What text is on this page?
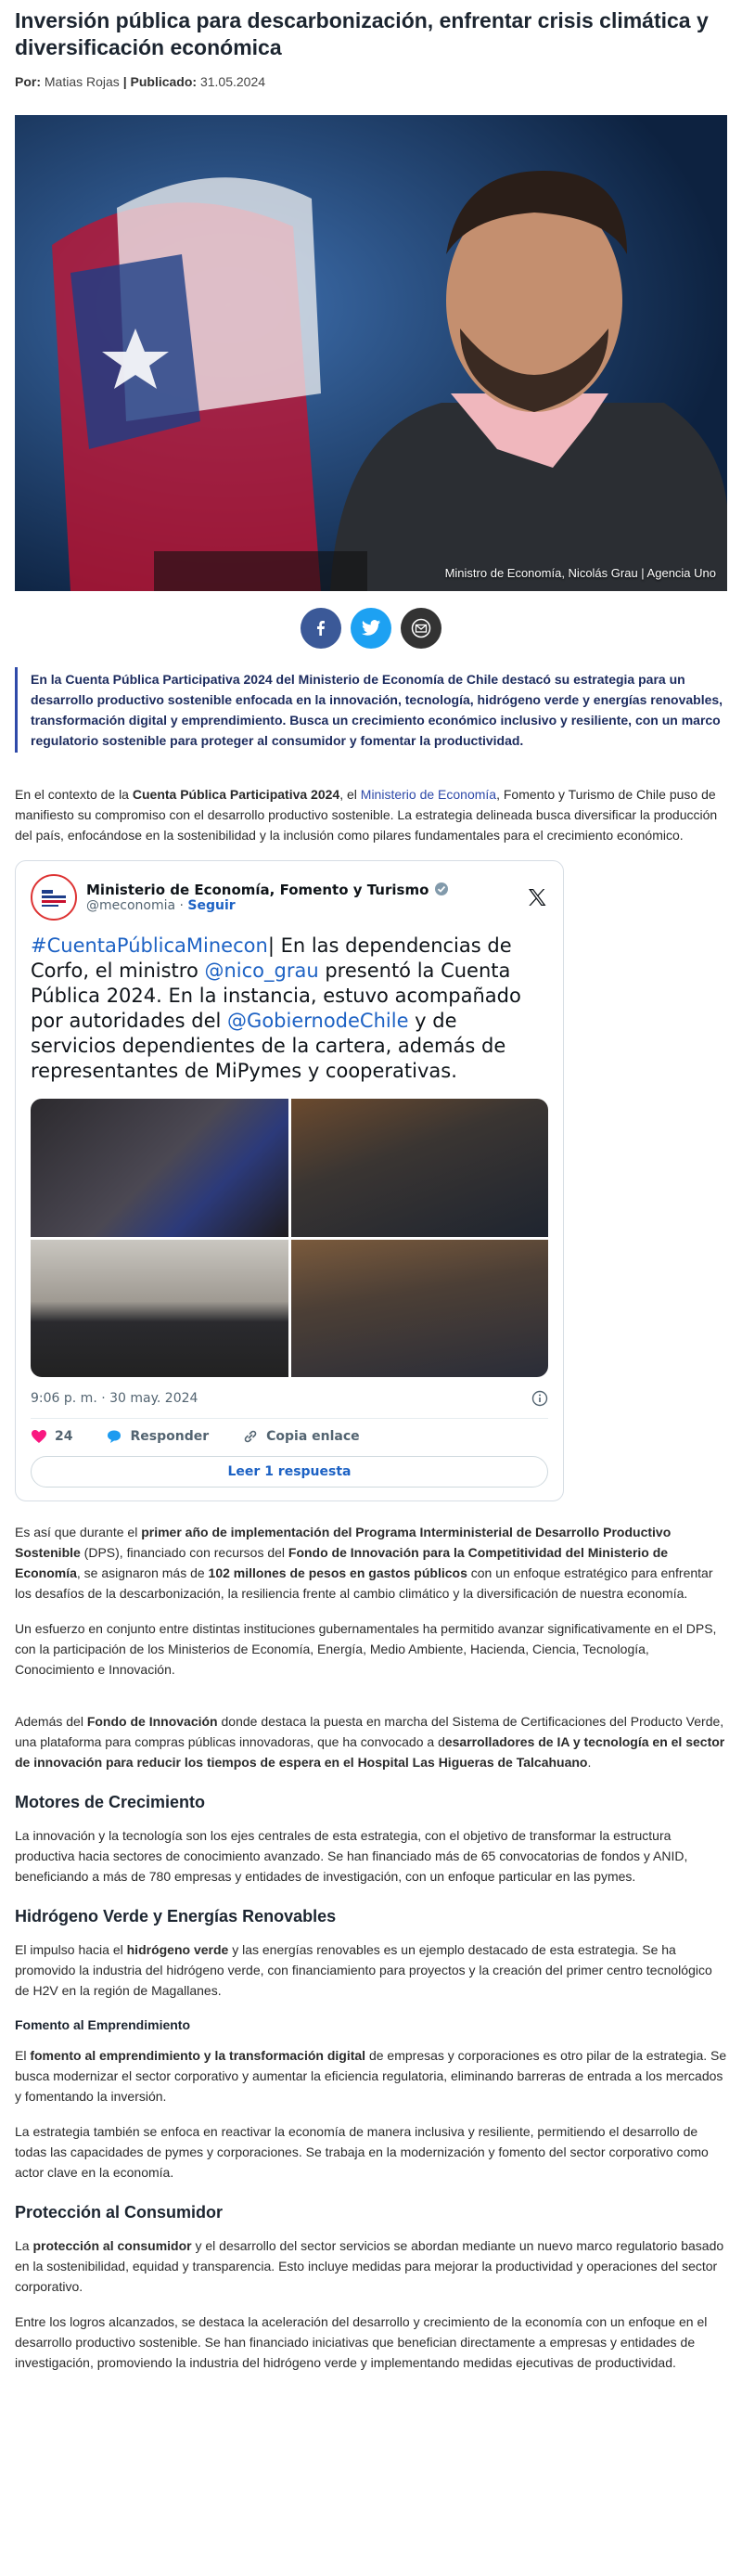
Inversión pública para descarbonización, enfrentar crisis climática y diversificación económica
Por: Matias Rojas | Publicado: 31.05.2024
Ministro de Economía, Nicolás Grau | Agencia Uno
En la Cuenta Pública Participativa 2024 del Ministerio de Economía de Chile destacó su estrategia para un desarrollo productivo sostenible enfocada en la innovación, tecnología, hidrógeno verde y energías renovables, transformación digital y emprendimiento. Busca un crecimiento económico inclusivo y resiliente, con un marco regulatorio sostenible para proteger al consumidor y fomentar la productividad.

En el contexto de la Cuenta Pública Participativa 2024, el Ministerio de Economía, Fomento y Turismo de Chile puso de manifiesto su compromiso con el desarrollo productivo sostenible. La estrategia delineada busca diversificar la producción del país, enfocándose en la sostenibilidad y la inclusión como pilares fundamentales para el crecimiento económico.

Ministerio de Economía, Fomento y Turismo
@meconomia · Seguir
#CuentaPúblicaMinecon| En las dependencias de Corfo, el ministro @nico_grau presentó la Cuenta Pública 2024. En la instancia, estuvo acompañado por autoridades del @GobiernodeChile y de servicios dependientes de la cartera, además de representantes de MiPymes y cooperativas.
9:06 p. m. · 30 may. 2024
24	Responder	Copia enlace
Leer 1 respuesta

Es así que durante el primer año de implementación del Programa Interministerial de Desarrollo Productivo Sostenible (DPS), financiado con recursos del Fondo de Innovación para la Competitividad del Ministerio de Economía, se asignaron más de 102 millones de pesos en gastos públicos con un enfoque estratégico para enfrentar los desafíos de la descarbonización, la resiliencia frente al cambio climático y la diversificación de nuestra economía.

Un esfuerzo en conjunto entre distintas instituciones gubernamentales ha permitido avanzar significativamente en el DPS, con la participación de los Ministerios de Economía, Energía, Medio Ambiente, Hacienda, Ciencia, Tecnología, Conocimiento e Innovación.

Además del Fondo de Innovación donde destaca la puesta en marcha del Sistema de Certificaciones del Producto Verde, una plataforma para compras públicas innovadoras, que ha convocado a desarrolladores de IA y tecnología en el sector de innovación para reducir los tiempos de espera en el Hospital Las Higueras de Talcahuano.

Motores de Crecimiento

La innovación y la tecnología son los ejes centrales de esta estrategia, con el objetivo de transformar la estructura productiva hacia sectores de conocimiento avanzado. Se han financiado más de 65 convocatorias de fondos y ANID, beneficiando a más de 780 empresas y entidades de investigación, con un enfoque particular en las pymes.

Hidrógeno Verde y Energías Renovables

El impulso hacia el hidrógeno verde y las energías renovables es un ejemplo destacado de esta estrategia. Se ha promovido la industria del hidrógeno verde, con financiamiento para proyectos y la creación del primer centro tecnológico de H2V en la región de Magallanes.

Fomento al Emprendimiento

El fomento al emprendimiento y la transformación digital de empresas y corporaciones es otro pilar de la estrategia. Se busca modernizar el sector corporativo y aumentar la eficiencia regulatoria, eliminando barreras de entrada a los mercados y fomentando la inversión.

La estrategia también se enfoca en reactivar la economía de manera inclusiva y resiliente, permitiendo el desarrollo de todas las capacidades de pymes y corporaciones. Se trabaja en la modernización y fomento del sector corporativo como actor clave en la economía.

Protección al Consumidor

La protección al consumidor y el desarrollo del sector servicios se abordan mediante un nuevo marco regulatorio basado en la sostenibilidad, equidad y transparencia. Esto incluye medidas para mejorar la productividad y operaciones del sector corporativo.

Entre los logros alcanzados, se destaca la aceleración del desarrollo y crecimiento de la economía con un enfoque en el desarrollo productivo sostenible. Se han financiado iniciativas que benefician directamente a empresas y entidades de investigación, promoviendo la industria del hidrógeno verde y implementando medidas ejecutivas de productividad.
